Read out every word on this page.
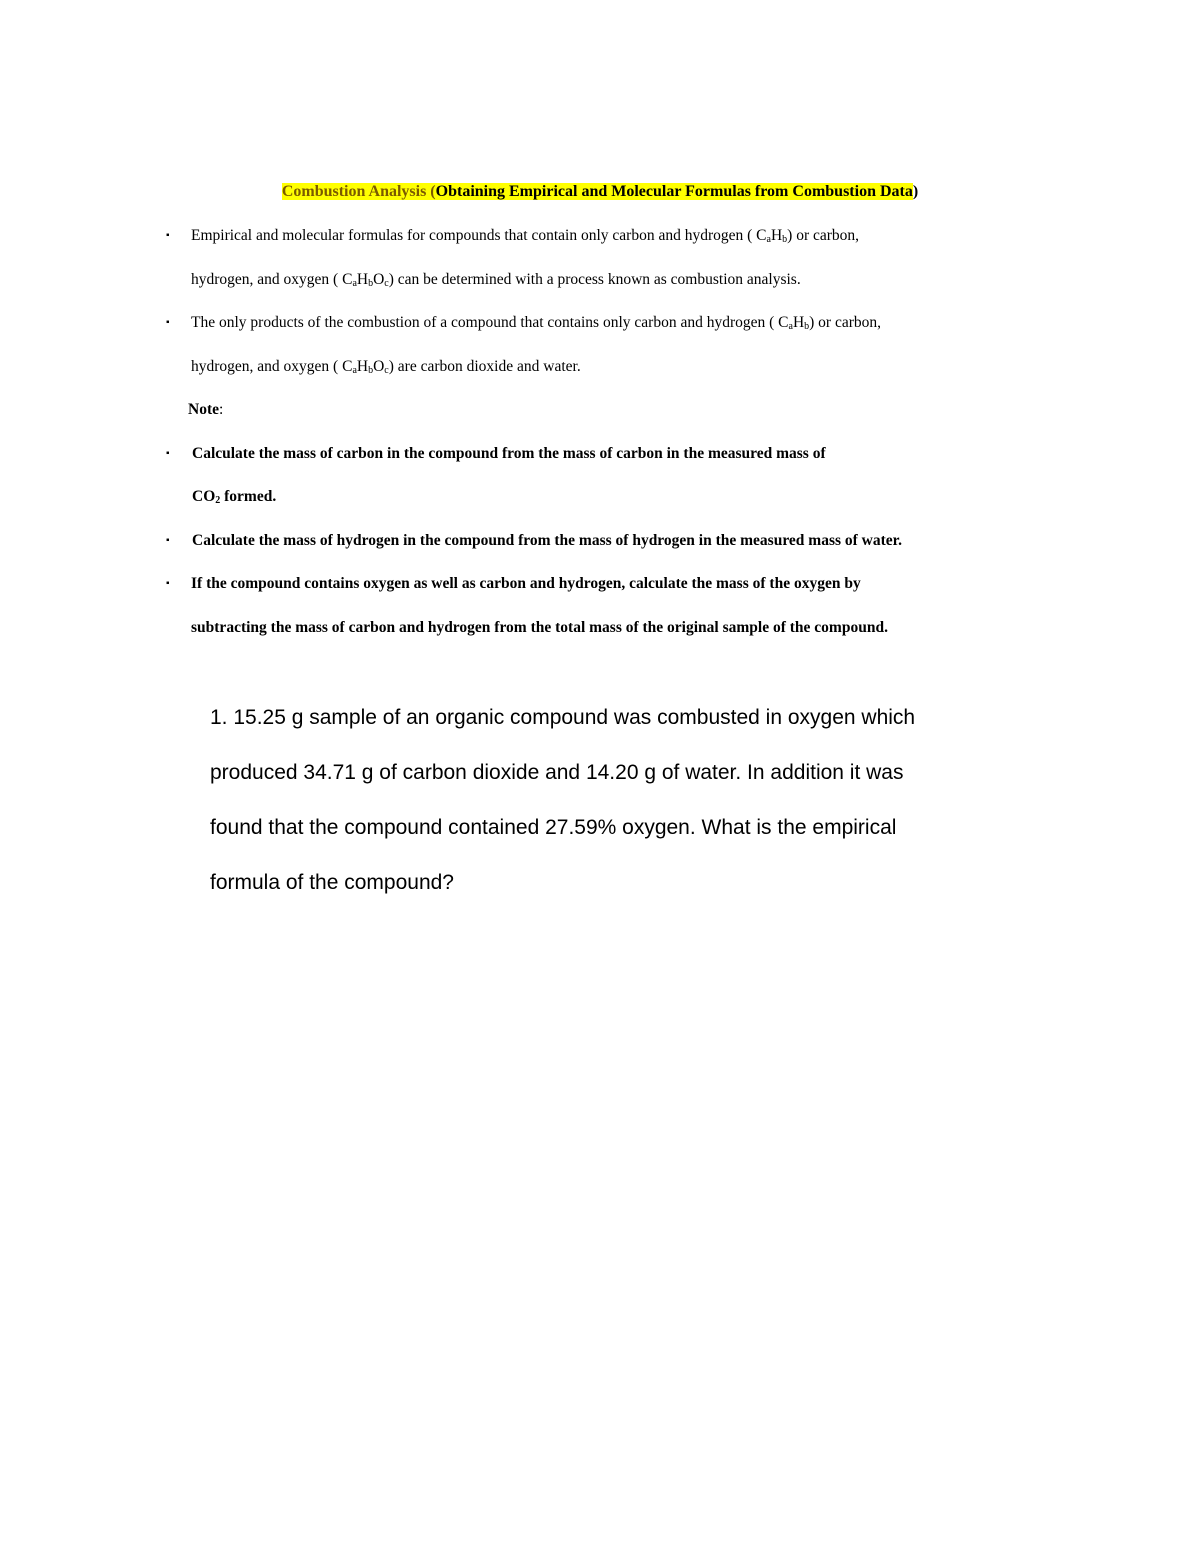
Combustion Analysis (Obtaining Empirical and Molecular Formulas from Combustion Data)
▪ Empirical and molecular formulas for compounds that contain only carbon and hydrogen ( $C_aH_b$) or carbon,
hydrogen, and oxygen ( $C_aH_bO_c$) can be determined with a process known as combustion analysis.
▪ The only products of the combustion of a compound that contains only carbon and hydrogen ( $C_aH_b$) or carbon,
hydrogen, and oxygen ( $C_aH_bO_c$) are carbon dioxide and water.
Note:
▪ Calculate the mass of carbon in the compound from the mass of carbon in the measured mass of
$CO_2$ formed.
▪ Calculate the mass of hydrogen in the compound from the mass of hydrogen in the measured mass of water.
▪ If the compound contains oxygen as well as carbon and hydrogen, calculate the mass of the oxygen by
subtracting the mass of carbon and hydrogen from the total mass of the original sample of the compound.
1. 15.25 g sample of an organic compound was combusted in oxygen which
produced 34.71 g of carbon dioxide and 14.20 g of water. In addition it was
found that the compound contained 27.59% oxygen. What is the empirical
formula of the compound?
